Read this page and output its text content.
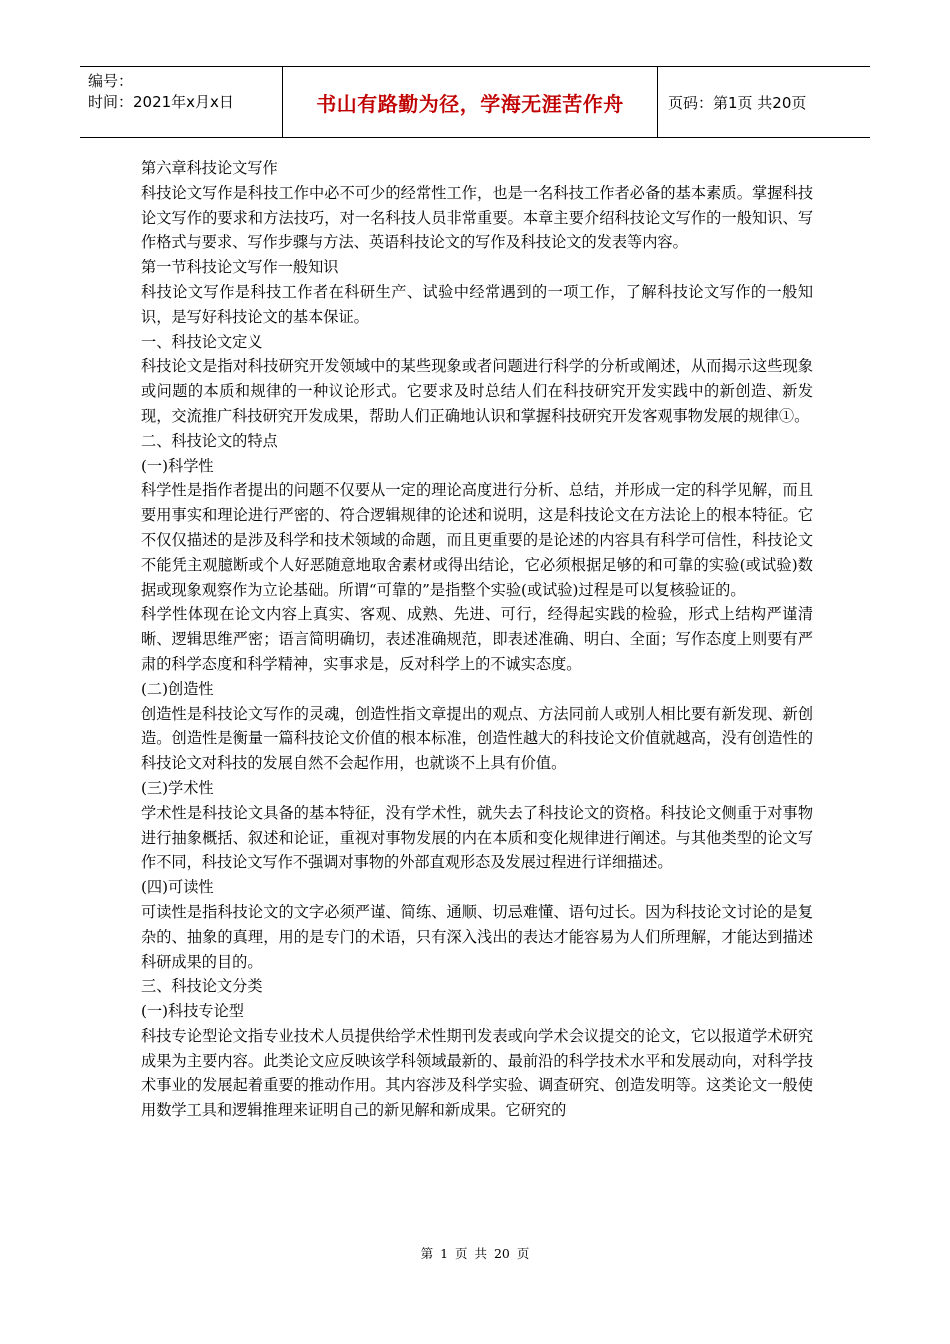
编号：
时间：2021年x月x日	书山有路勤为径，学海无涯苦作舟	页码：第1页 共20页

第六章科技论文写作

科技论文写作是科技工作中必不可少的经常性工作，也是一名科技工作者必备的基本素质。掌握科技论文写作的要求和方法技巧，对一名科技人员非常重要。本章主要介绍科技论文写作的一般知识、写作格式与要求、写作步骤与方法、英语科技论文的写作及科技论文的发表等内容。

第一节科技论文写作一般知识

科技论文写作是科技工作者在科研生产、试验中经常遇到的一项工作，了解科技论文写作的一般知识，是写好科技论文的基本保证。

一、科技论文定义

科技论文是指对科技研究开发领域中的某些现象或者问题进行科学的分析或阐述，从而揭示这些现象或问题的本质和规律的一种议论形式。它要求及时总结人们在科技研究开发实践中的新创造、新发现，交流推广科技研究开发成果，帮助人们正确地认识和掌握科技研究开发客观事物发展的规律①。

二、科技论文的特点

(一)科学性

科学性是指作者提出的问题不仅要从一定的理论高度进行分析、总结，并形成一定的科学见解，而且要用事实和理论进行严密的、符合逻辑规律的论述和说明，这是科技论文在方法论上的根本特征。它不仅仅描述的是涉及科学和技术领域的命题，而且更重要的是论述的内容具有科学可信性，科技论文不能凭主观臆断或个人好恶随意地取舍素材或得出结论，它必须根据足够的和可靠的实验(或试验)数据或现象观察作为立论基础。所谓“可靠的”是指整个实验(或试验)过程是可以复核验证的。

科学性体现在论文内容上真实、客观、成熟、先进、可行，经得起实践的检验，形式上结构严谨清晰、逻辑思维严密；语言简明确切，表述准确规范，即表述准确、明白、全面；写作态度上则要有严肃的科学态度和科学精神，实事求是，反对科学上的不诚实态度。

(二)创造性

创造性是科技论文写作的灵魂，创造性指文章提出的观点、方法同前人或别人相比要有新发现、新创造。创造性是衡量一篇科技论文价值的根本标准，创造性越大的科技论文价值就越高，没有创造性的科技论文对科技的发展自然不会起作用，也就谈不上具有价值。

(三)学术性

学术性是科技论文具备的基本特征，没有学术性，就失去了科技论文的资格。科技论文侧重于对事物进行抽象概括、叙述和论证，重视对事物发展的内在本质和变化规律进行阐述。与其他类型的论文写作不同，科技论文写作不强调对事物的外部直观形态及发展过程进行详细描述。

(四)可读性

可读性是指科技论文的文字必须严谨、简练、通顺、切忌难懂、语句过长。因为科技论文讨论的是复杂的、抽象的真理，用的是专门的术语，只有深入浅出的表达才能容易为人们所理解，才能达到描述科研成果的目的。

三、科技论文分类

(一)科技专论型

科技专论型论文指专业技术人员提供给学术性期刊发表或向学术会议提交的论文，它以报道学术研究成果为主要内容。此类论文应反映该学科领域最新的、最前沿的科学技术水平和发展动向，对科学技术事业的发展起着重要的推动作用。其内容涉及科学实验、调查研究、创造发明等。这类论文一般使用数学工具和逻辑推理来证明自己的新见解和新成果。它研究的

第 1 页 共 20 页
